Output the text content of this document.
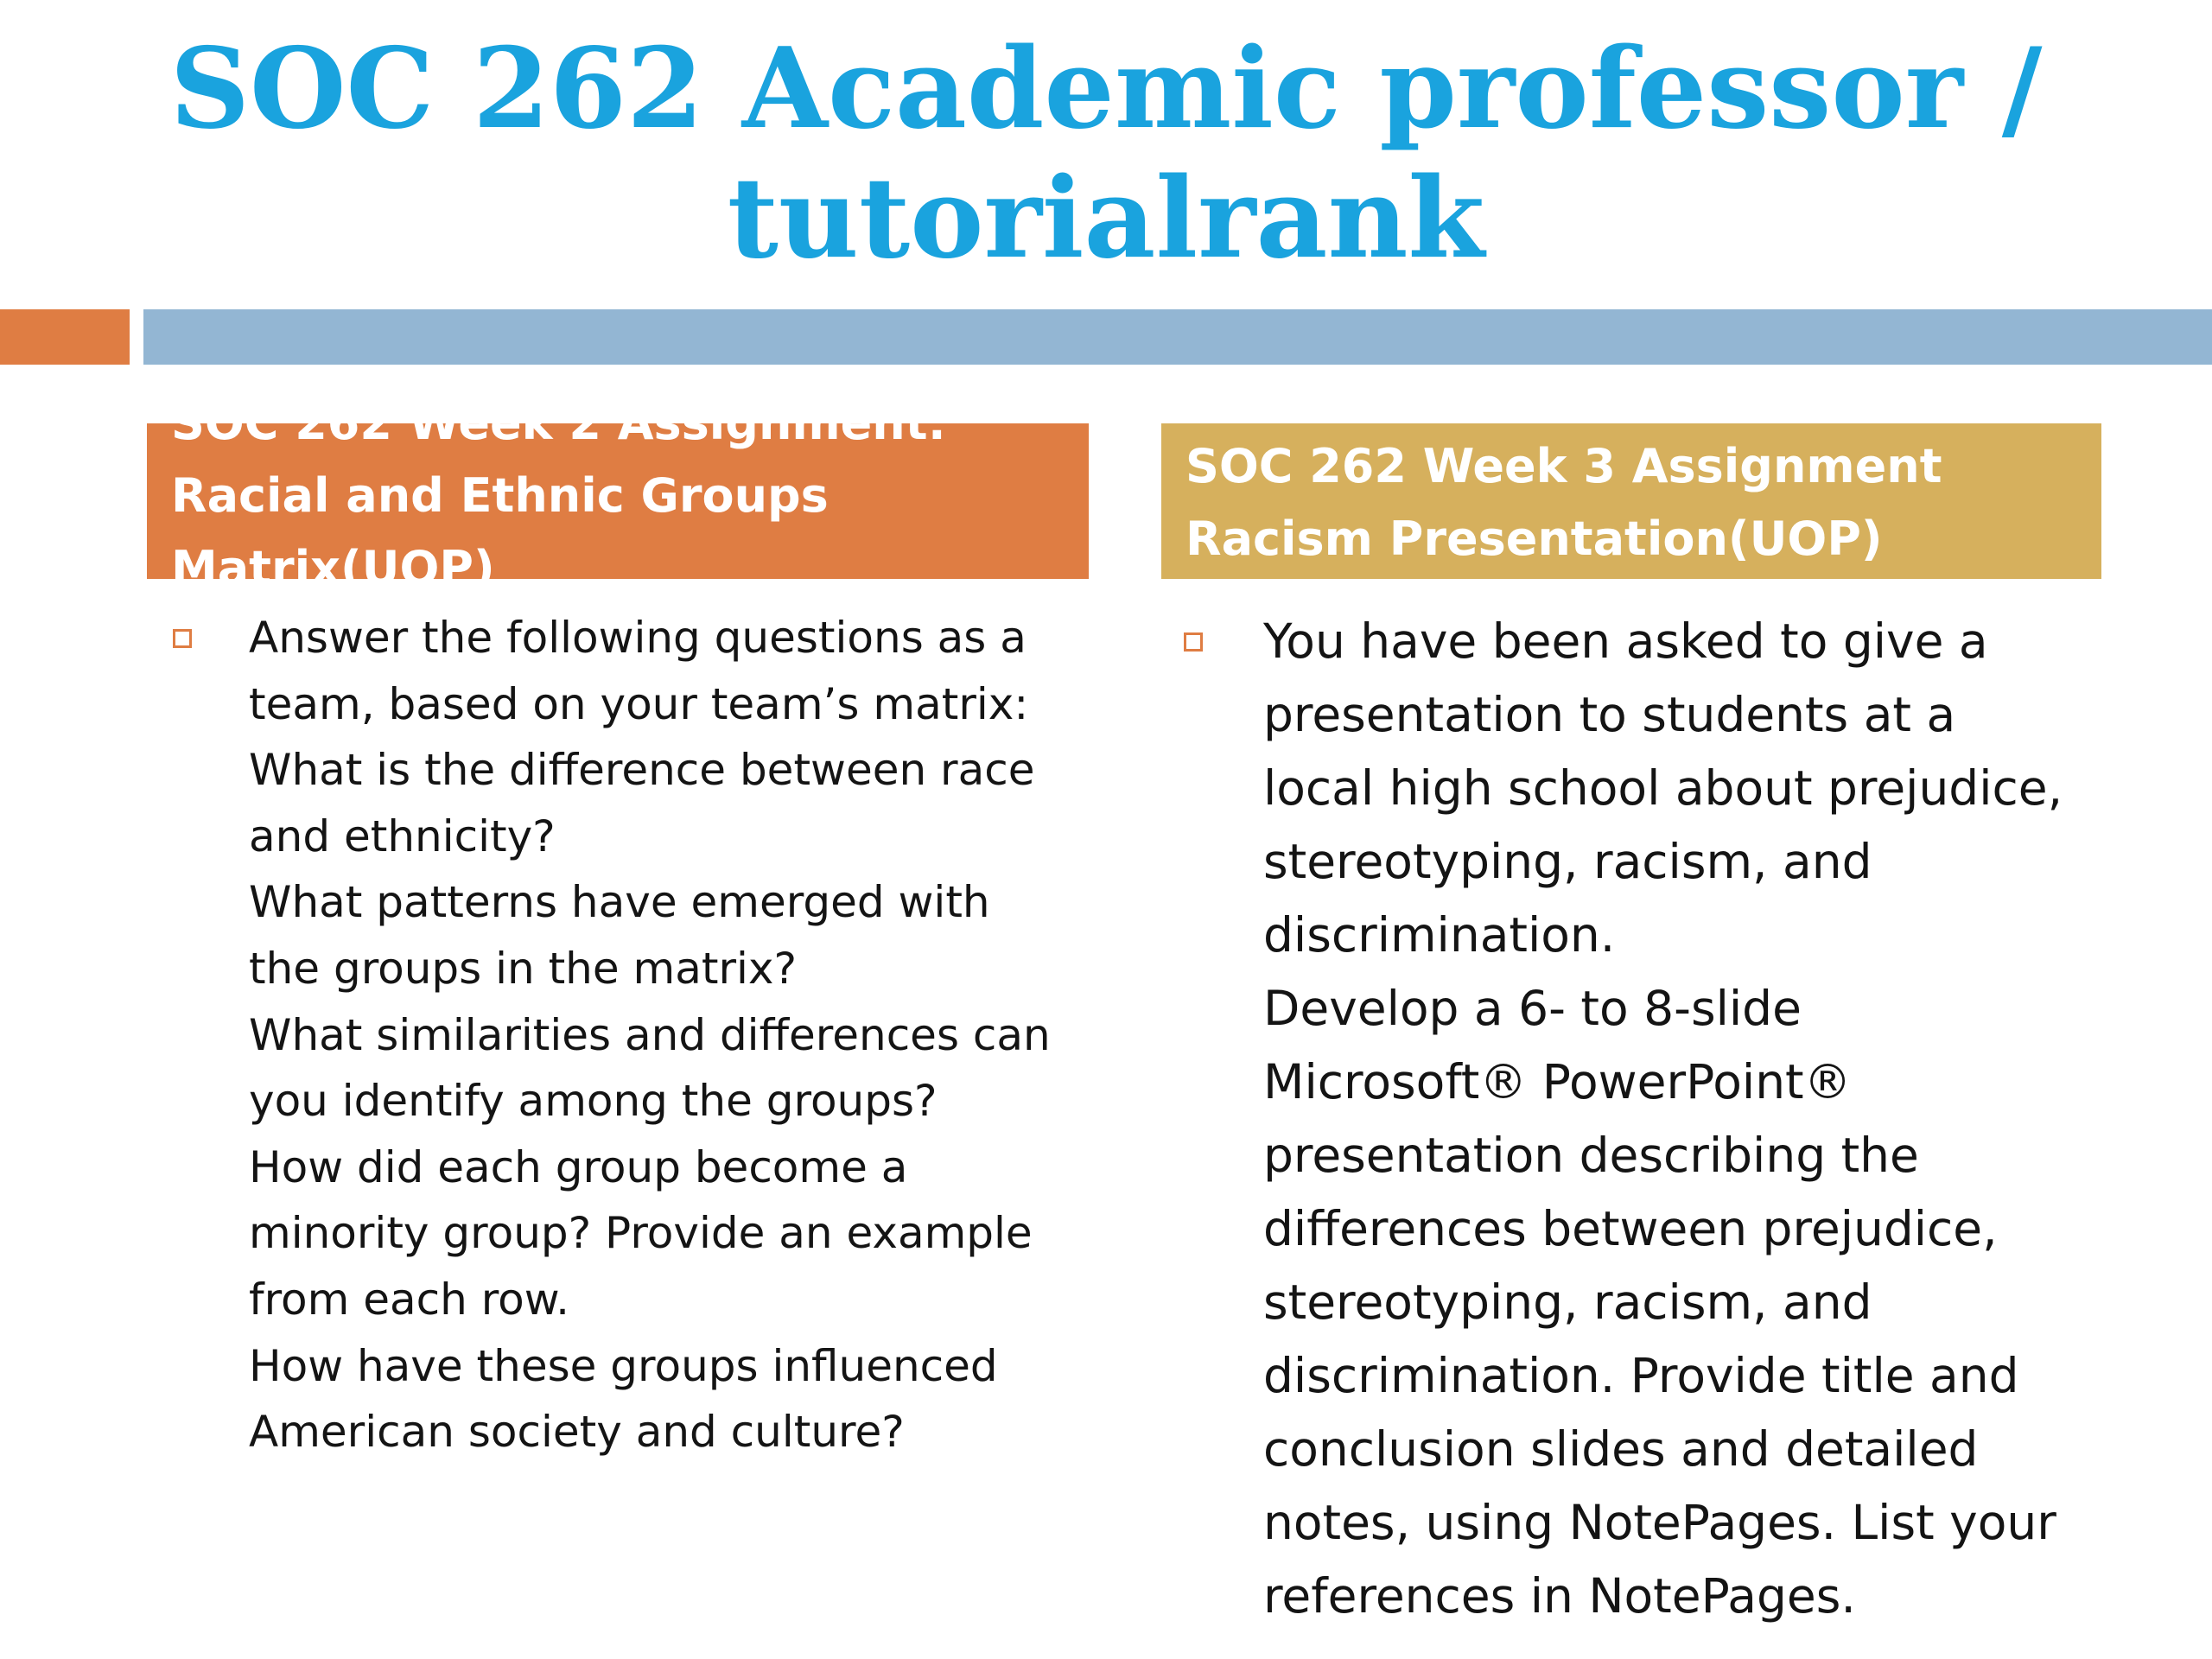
SOC 262 Academic professor /
tutorialrank
SOC 262 Week 2 Assignment:
Racial and Ethnic Groups
Matrix(UOP)
SOC 262 Week 3 Assignment
Racism Presentation(UOP)
Answer the following questions as a
team, based on your team’s matrix:
What is the difference between race
and ethnicity?
What patterns have emerged with
the groups in the matrix?
What similarities and differences can
you identify among the groups?
How did each group become a
minority group? Provide an example
from each row.
How have these groups influenced
American society and culture?
You have been asked to give a
presentation to students at a
local high school about prejudice,
stereotyping, racism, and
discrimination.
Develop a 6- to 8-slide
Microsoft® PowerPoint®
presentation describing the
differences between prejudice,
stereotyping, racism, and
discrimination. Provide title and
conclusion slides and detailed
notes, using NotePages. List your
references in NotePages.
